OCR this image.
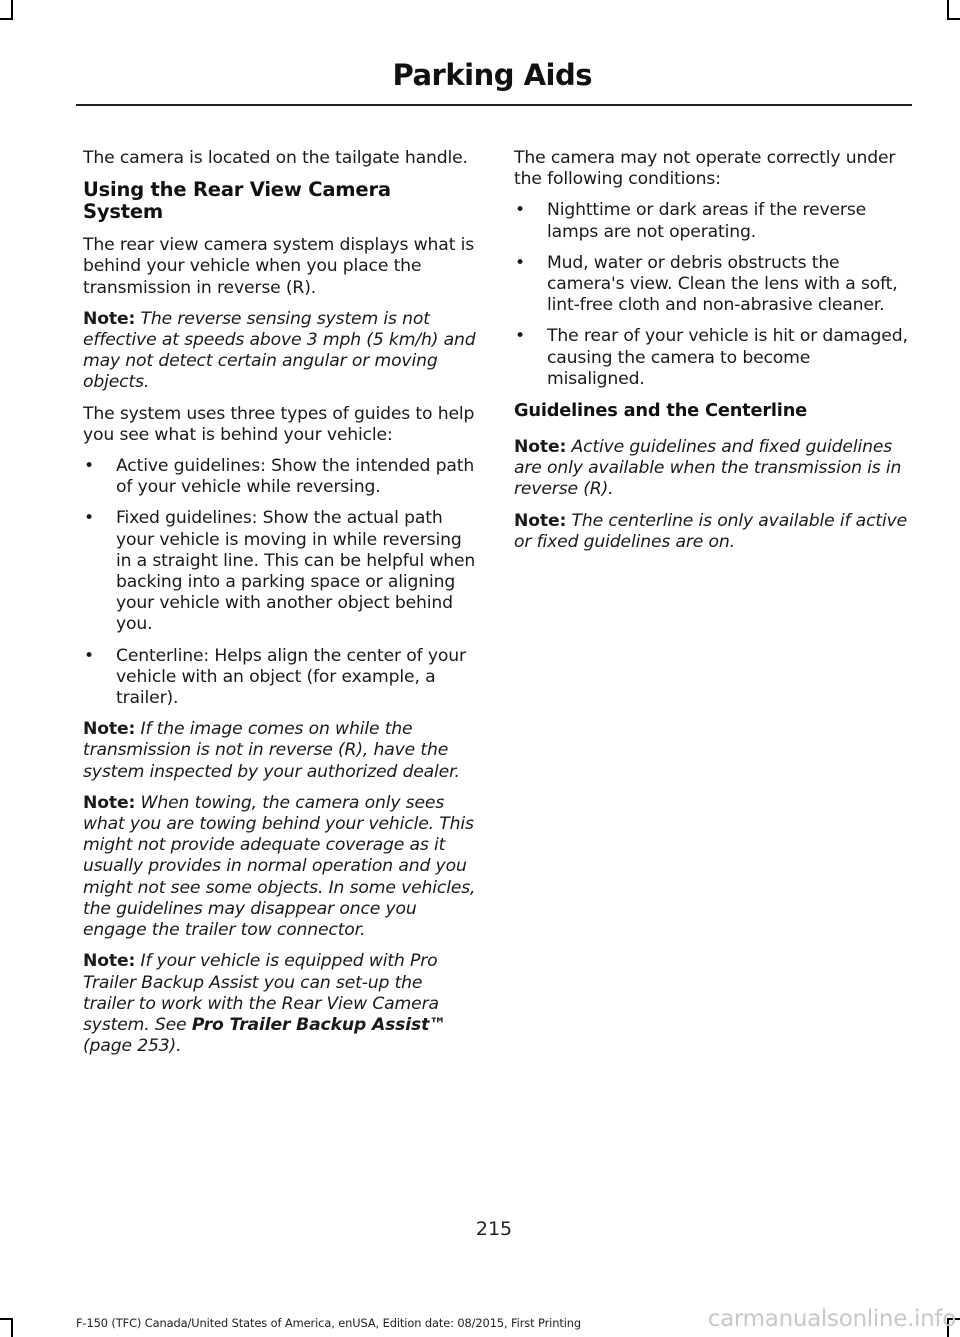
Parking Aids

The camera is located on the tailgate handle.

Using the Rear View Camera System

The rear view camera system displays what is behind your vehicle when you place the transmission in reverse (R).

Note: The reverse sensing system is not effective at speeds above 3 mph (5 km/h) and may not detect certain angular or moving objects.

The system uses three types of guides to help you see what is behind your vehicle:

• Active guidelines: Show the intended path of your vehicle while reversing.
• Fixed guidelines: Show the actual path your vehicle is moving in while reversing in a straight line. This can be helpful when backing into a parking space or aligning your vehicle with another object behind you.
• Centerline: Helps align the center of your vehicle with an object (for example, a trailer).

Note: If the image comes on while the transmission is not in reverse (R), have the system inspected by your authorized dealer.

Note: When towing, the camera only sees what you are towing behind your vehicle. This might not provide adequate coverage as it usually provides in normal operation and you might not see some objects. In some vehicles, the guidelines may disappear once you engage the trailer tow connector.

Note: If your vehicle is equipped with Pro Trailer Backup Assist you can set-up the trailer to work with the Rear View Camera system. See Pro Trailer Backup Assist™ (page 253).

The camera may not operate correctly under the following conditions:

• Nighttime or dark areas if the reverse lamps are not operating.
• Mud, water or debris obstructs the camera's view. Clean the lens with a soft, lint-free cloth and non-abrasive cleaner.
• The rear of your vehicle is hit or damaged, causing the camera to become misaligned.
Guidelines and the Centerline

Note: Active guidelines and fixed guidelines are only available when the transmission is in reverse (R).

Note: The centerline is only available if active or fixed guidelines are on.

215
F-150 (TFC) Canada/United States of America, enUSA, Edition date: 08/2015, First Printing	carmanualsonline.info
